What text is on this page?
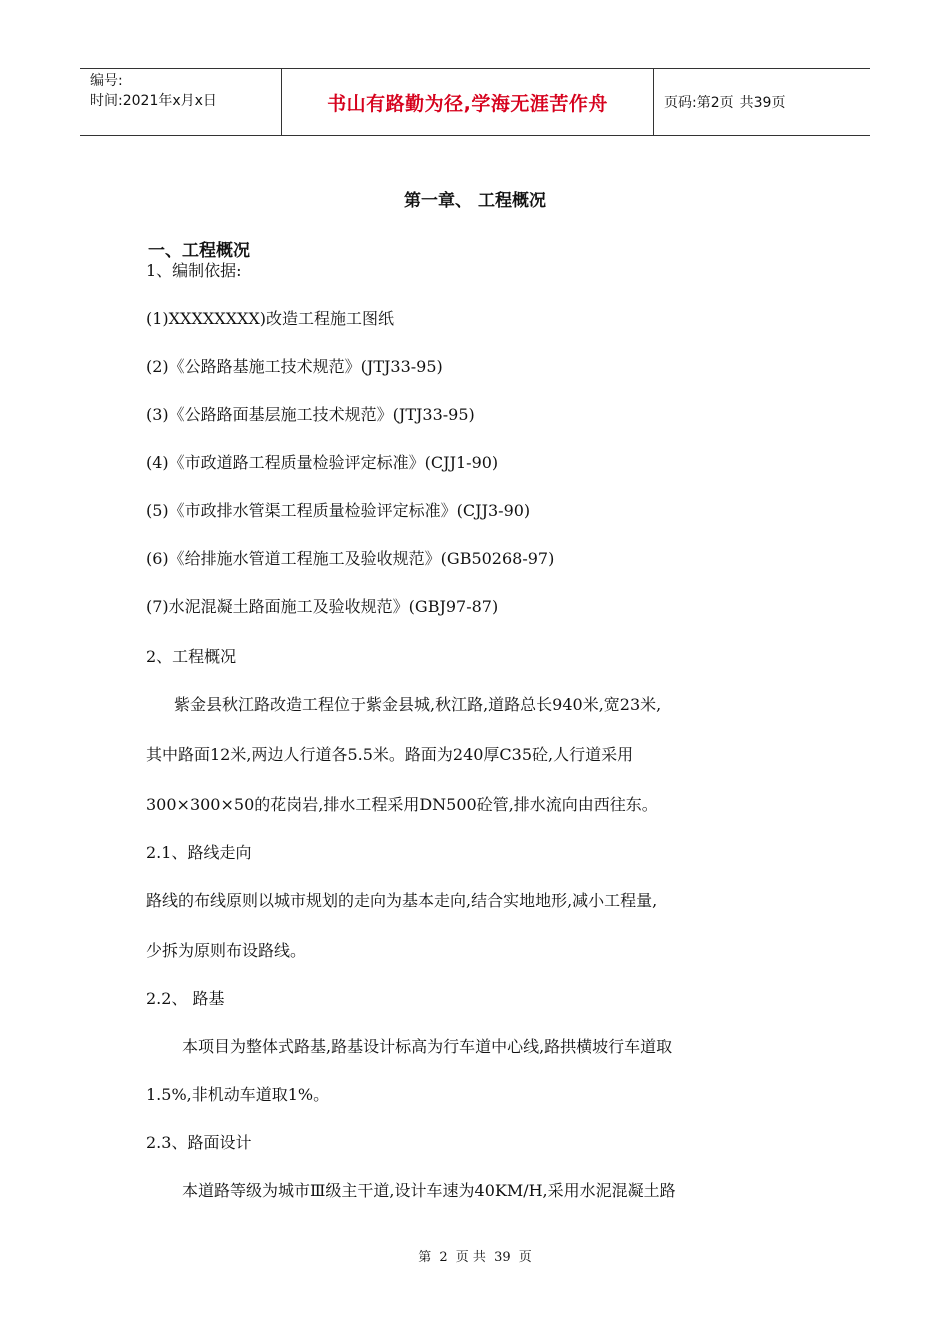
编号:
时间:2021年x月x日	书山有路勤为径,学海无涯苦作舟	页码:第2页 共39页
第一章、 工程概况
一、工程概况
1、编制依据:
(1)XXXXXXXX)改造工程施工图纸
(2)《公路路基施工技术规范》(JTJ33-95)
(3)《公路路面基层施工技术规范》(JTJ33-95)
(4)《市政道路工程质量检验评定标准》(CJJ1-90)
(5)《市政排水管渠工程质量检验评定标准》(CJJ3-90)
(6)《给排施水管道工程施工及验收规范》(GB50268-97)
(7)水泥混凝土路面施工及验收规范》(GBJ97-87)
2、工程概况
紫金县秋江路改造工程位于紫金县城,秋江路,道路总长940米,宽23米,
其中路面12米,两边人行道各5.5米。路面为240厚C35砼,人行道采用
300×300×50的花岗岩,排水工程采用DN500砼管,排水流向由西往东。
2.1、路线走向
路线的布线原则以城市规划的走向为基本走向,结合实地地形,减小工程量,
少拆为原则布设路线。
2.2、 路基
本项目为整体式路基,路基设计标高为行车道中心线,路拱横坡行车道取
1.5%,非机动车道取1%。
2.3、路面设计
本道路等级为城市Ⅲ级主干道,设计车速为40KM/H,采用水泥混凝土路
第 2 页 共 39 页
